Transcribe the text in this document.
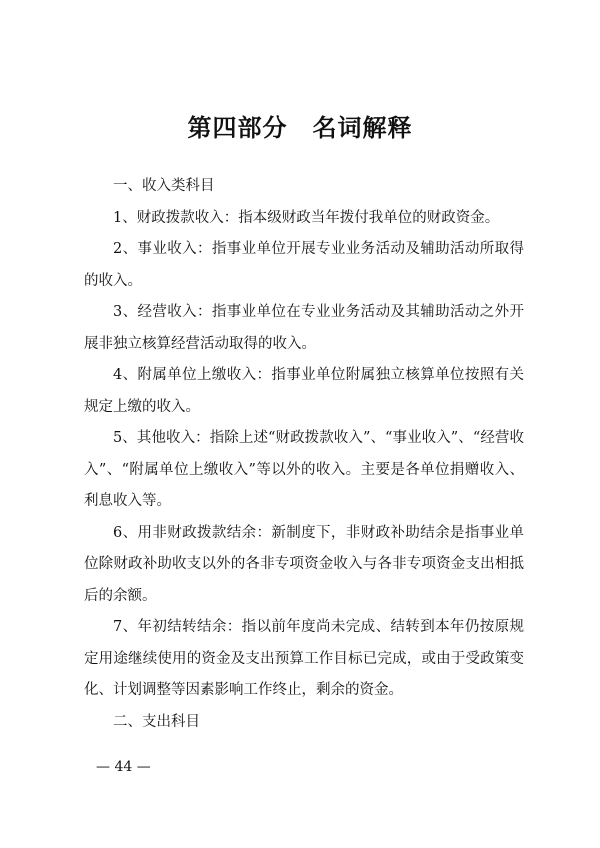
第四部分　名词解释

一、收入类科目

1、财政拨款收入：指本级财政当年拨付我单位的财政资金。

2、事业收入：指事业单位开展专业业务活动及辅助活动所取得的收入。

3、经营收入：指事业单位在专业业务活动及其辅助活动之外开展非独立核算经营活动取得的收入。

4、附属单位上缴收入：指事业单位附属独立核算单位按照有关规定上缴的收入。

5、其他收入：指除上述“财政拨款收入”、“事业收入”、“经营收入”、“附属单位上缴收入”等以外的收入。主要是各单位捐赠收入、利息收入等。

6、用非财政拨款结余：新制度下，非财政补助结余是指事业单位除财政补助收支以外的各非专项资金收入与各非专项资金支出相抵后的余额。

7、年初结转结余：指以前年度尚未完成、结转到本年仍按原规定用途继续使用的资金及支出预算工作目标已完成，或由于受政策变化、计划调整等因素影响工作终止，剩余的资金。

二、支出科目

— 44 —
